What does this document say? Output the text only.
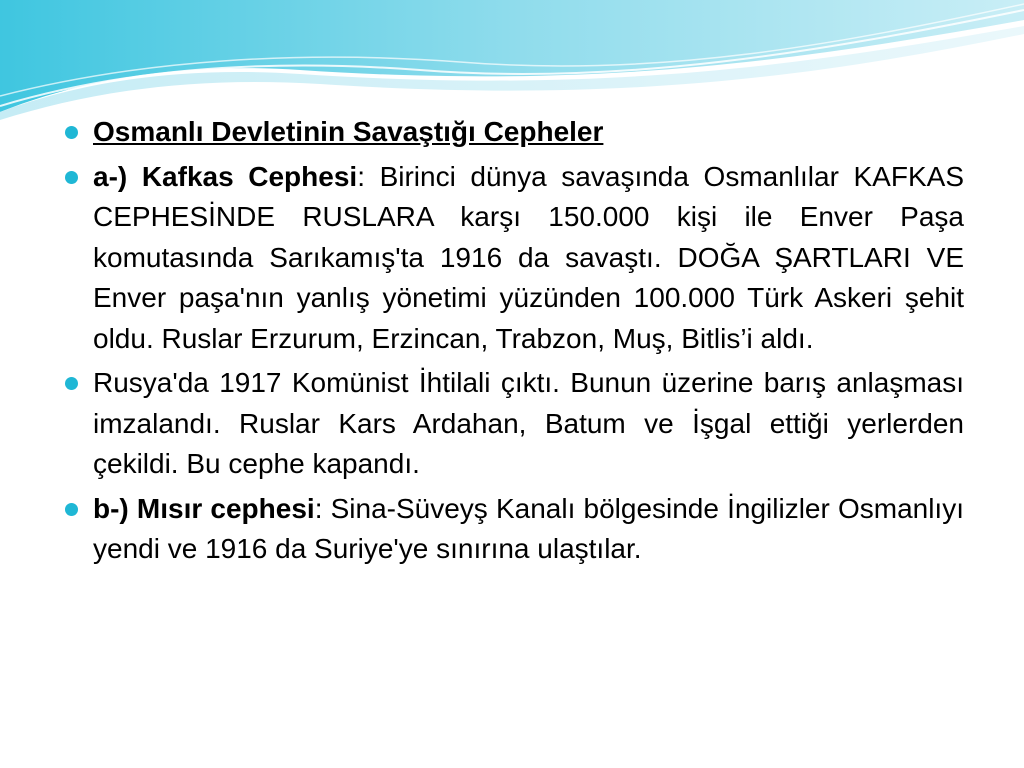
Osmanlı Devletinin Savaştığı Cepheler
a-) Kafkas Cephesi: Birinci dünya savaşında Osmanlılar KAFKAS CEPHESİNDE RUSLARA karşı 150.000 kişi ile Enver Paşa komutasında Sarıkamış'ta 1916 da savaştı. DOĞA ŞARTLARI VE Enver paşa'nın yanlış yönetimi yüzünden 100.000 Türk Askeri şehit oldu. Ruslar Erzurum, Erzincan, Trabzon, Muş, Bitlis’i aldı.
Rusya'da 1917 Komünist İhtilali çıktı. Bunun üzerine barış anlaşması imzalandı. Ruslar Kars Ardahan, Batum ve İşgal ettiği yerlerden çekildi. Bu cephe kapandı.
b-) Mısır cephesi: Sina-Süveyş Kanalı bölgesinde İngilizler Osmanlıyı yendi ve 1916 da Suriye'ye sınırına ulaştılar.
